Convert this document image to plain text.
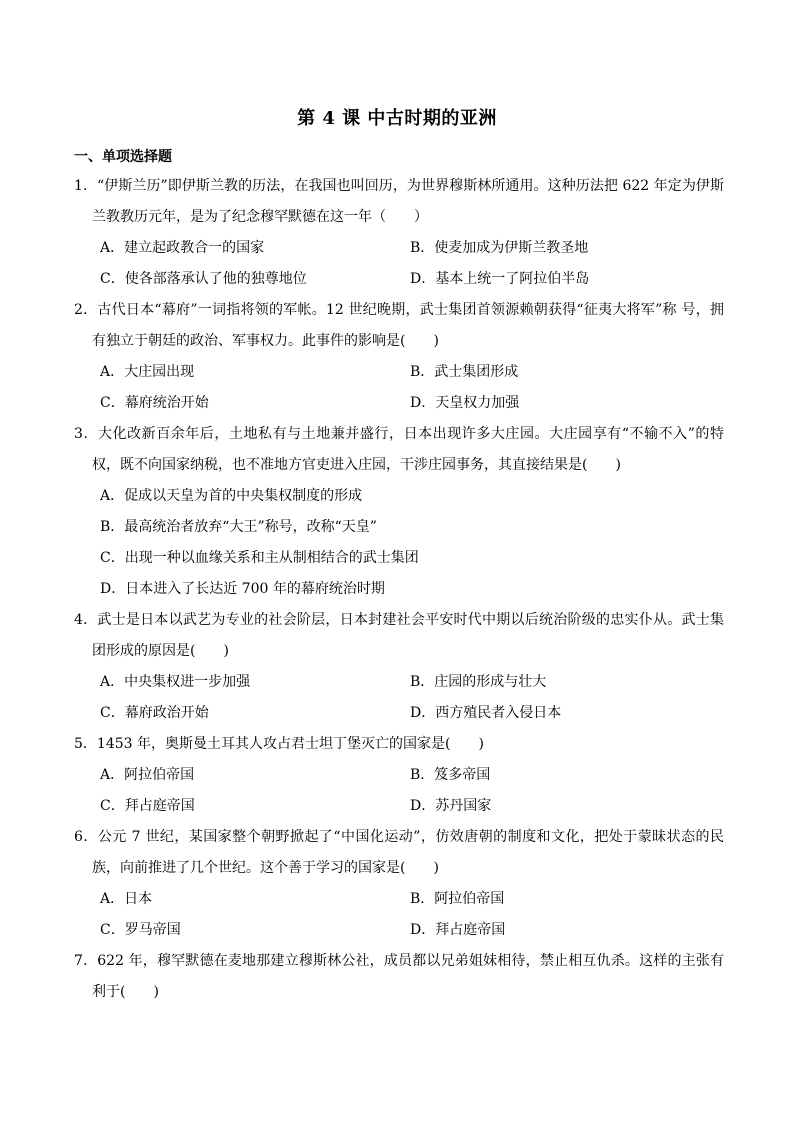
第 4 课 中古时期的亚洲
一、单项选择题

1．“伊斯兰历”即伊斯兰教的历法，在我国也叫回历，为世界穆斯林所通用。这种历法把 622 年定为伊斯兰教教历元年，是为了纪念穆罕默德在这一年（　　）

A．建立起政教合一的国家	B．使麦加成为伊斯兰教圣地
C．使各部落承认了他的独尊地位	D．基本上统一了阿拉伯半岛

2．古代日本“幕府”一词指将领的军帐。12 世纪晚期，武士集团首领源赖朝获得“征夷大将军”称 号，拥有独立于朝廷的政治、军事权力。此事件的影响是(　　)

A．大庄园出现	B．武士集团形成
C．幕府统治开始	D．天皇权力加强

3．大化改新百余年后，土地私有与土地兼并盛行，日本出现许多大庄园。大庄园享有“不输不入”的特权，既不向国家纳税，也不准地方官吏进入庄园，干涉庄园事务，其直接结果是(　　)

A．促成以天皇为首的中央集权制度的形成
B．最高统治者放弃“大王”称号，改称“天皇”
C．出现一种以血缘关系和主从制相结合的武士集团
D．日本进入了长达近 700 年的幕府统治时期

4．武士是日本以武艺为专业的社会阶层，日本封建社会平安时代中期以后统治阶级的忠实仆从。武士集团形成的原因是(　　)

A．中央集权进一步加强	B．庄园的形成与壮大
C．幕府政治开始	D．西方殖民者入侵日本

5．1453 年，奥斯曼土耳其人攻占君士坦丁堡灭亡的国家是(　　)

A．阿拉伯帝国	B．笈多帝国
C．拜占庭帝国	D．苏丹国家

6．公元 7 世纪，某国家整个朝野掀起了“中国化运动”，仿效唐朝的制度和文化，把处于蒙昧状态的民族，向前推进了几个世纪。这个善于学习的国家是(　　)

A．日本	B．阿拉伯帝国
C．罗马帝国	D．拜占庭帝国

7．622 年，穆罕默德在麦地那建立穆斯林公社，成员都以兄弟姐妹相待，禁止相互仇杀。这样的主张有利于(　　)
